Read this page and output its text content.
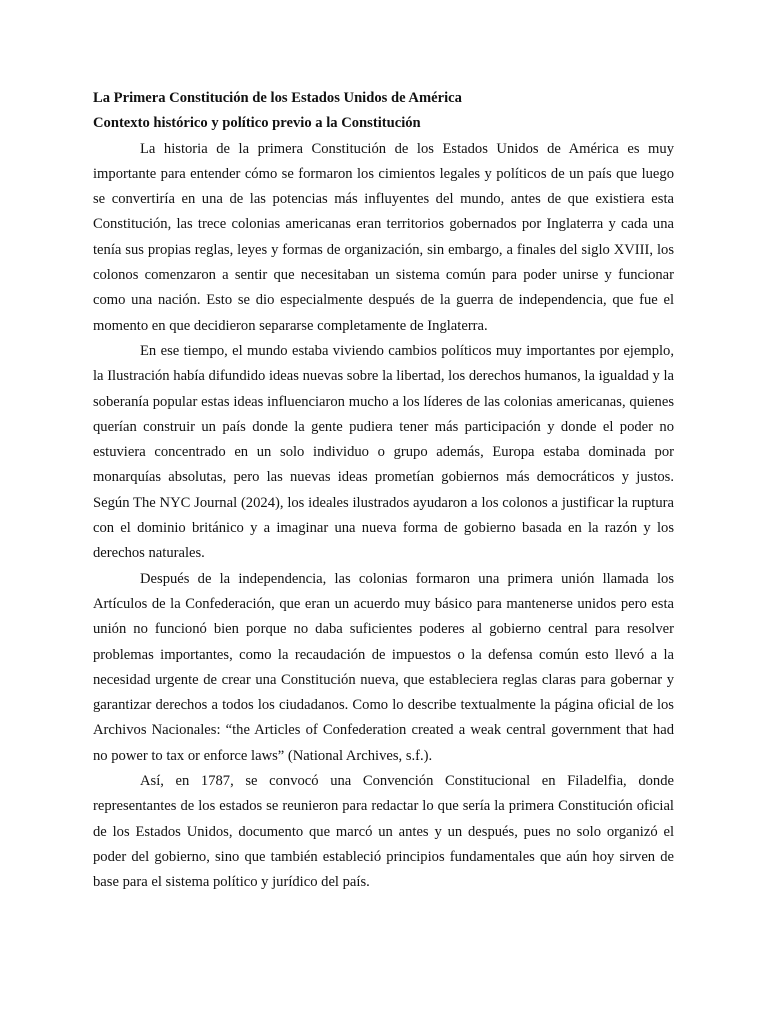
La Primera Constitución de los Estados Unidos de América

Contexto histórico y político previo a la Constitución

La historia de la primera Constitución de los Estados Unidos de América es muy importante para entender cómo se formaron los cimientos legales y políticos de un país que luego se convertiría en una de las potencias más influyentes del mundo, antes de que existiera esta Constitución, las trece colonias americanas eran territorios gobernados por Inglaterra y cada una tenía sus propias reglas, leyes y formas de organización, sin embargo, a finales del siglo XVIII, los colonos comenzaron a sentir que necesitaban un sistema común para poder unirse y funcionar como una nación. Esto se dio especialmente después de la guerra de independencia, que fue el momento en que decidieron separarse completamente de Inglaterra.

En ese tiempo, el mundo estaba viviendo cambios políticos muy importantes por ejemplo, la Ilustración había difundido ideas nuevas sobre la libertad, los derechos humanos, la igualdad y la soberanía popular estas ideas influenciaron mucho a los líderes de las colonias americanas, quienes querían construir un país donde la gente pudiera tener más participación y donde el poder no estuviera concentrado en un solo individuo o grupo además, Europa estaba dominada por monarquías absolutas, pero las nuevas ideas prometían gobiernos más democráticos y justos. Según The NYC Journal (2024), los ideales ilustrados ayudaron a los colonos a justificar la ruptura con el dominio británico y a imaginar una nueva forma de gobierno basada en la razón y los derechos naturales.

Después de la independencia, las colonias formaron una primera unión llamada los Artículos de la Confederación, que eran un acuerdo muy básico para mantenerse unidos pero esta unión no funcionó bien porque no daba suficientes poderes al gobierno central para resolver problemas importantes, como la recaudación de impuestos o la defensa común esto llevó a la necesidad urgente de crear una Constitución nueva, que estableciera reglas claras para gobernar y garantizar derechos a todos los ciudadanos. Como lo describe textualmente la página oficial de los Archivos Nacionales: “the Articles of Confederation created a weak central government that had no power to tax or enforce laws” (National Archives, s.f.).

Así, en 1787, se convocó una Convención Constitucional en Filadelfia, donde representantes de los estados se reunieron para redactar lo que sería la primera Constitución oficial de los Estados Unidos, documento que marcó un antes y un después, pues no solo organizó el poder del gobierno, sino que también estableció principios fundamentales que aún hoy sirven de base para el sistema político y jurídico del país.
